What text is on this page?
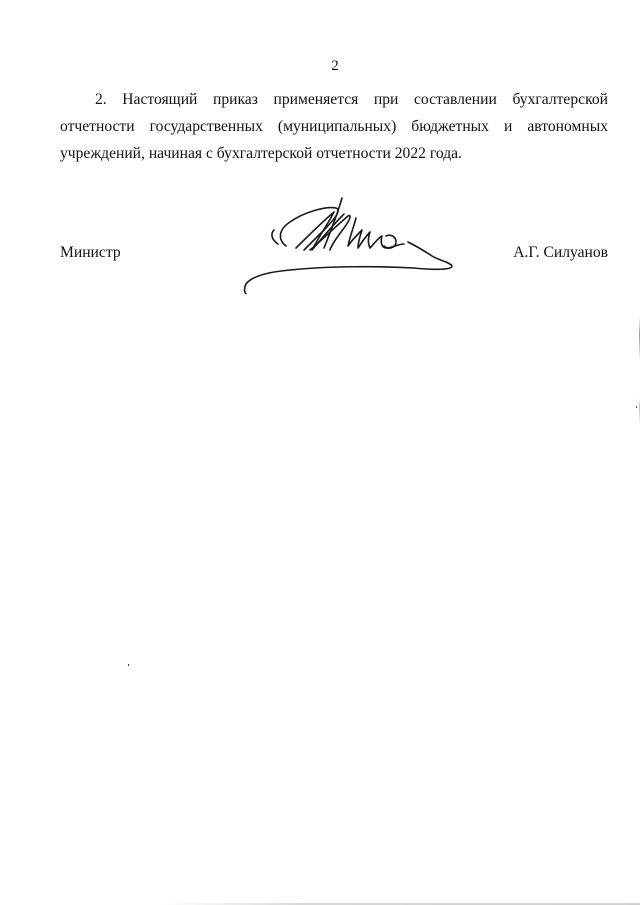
2

2. Настоящий приказ применяется при составлении бухгалтерской отчетности государственных (муниципальных) бюджетных и автономных учреждений, начиная с бухгалтерской отчетности 2022 года.

Министр	А.Г. Силуанов
